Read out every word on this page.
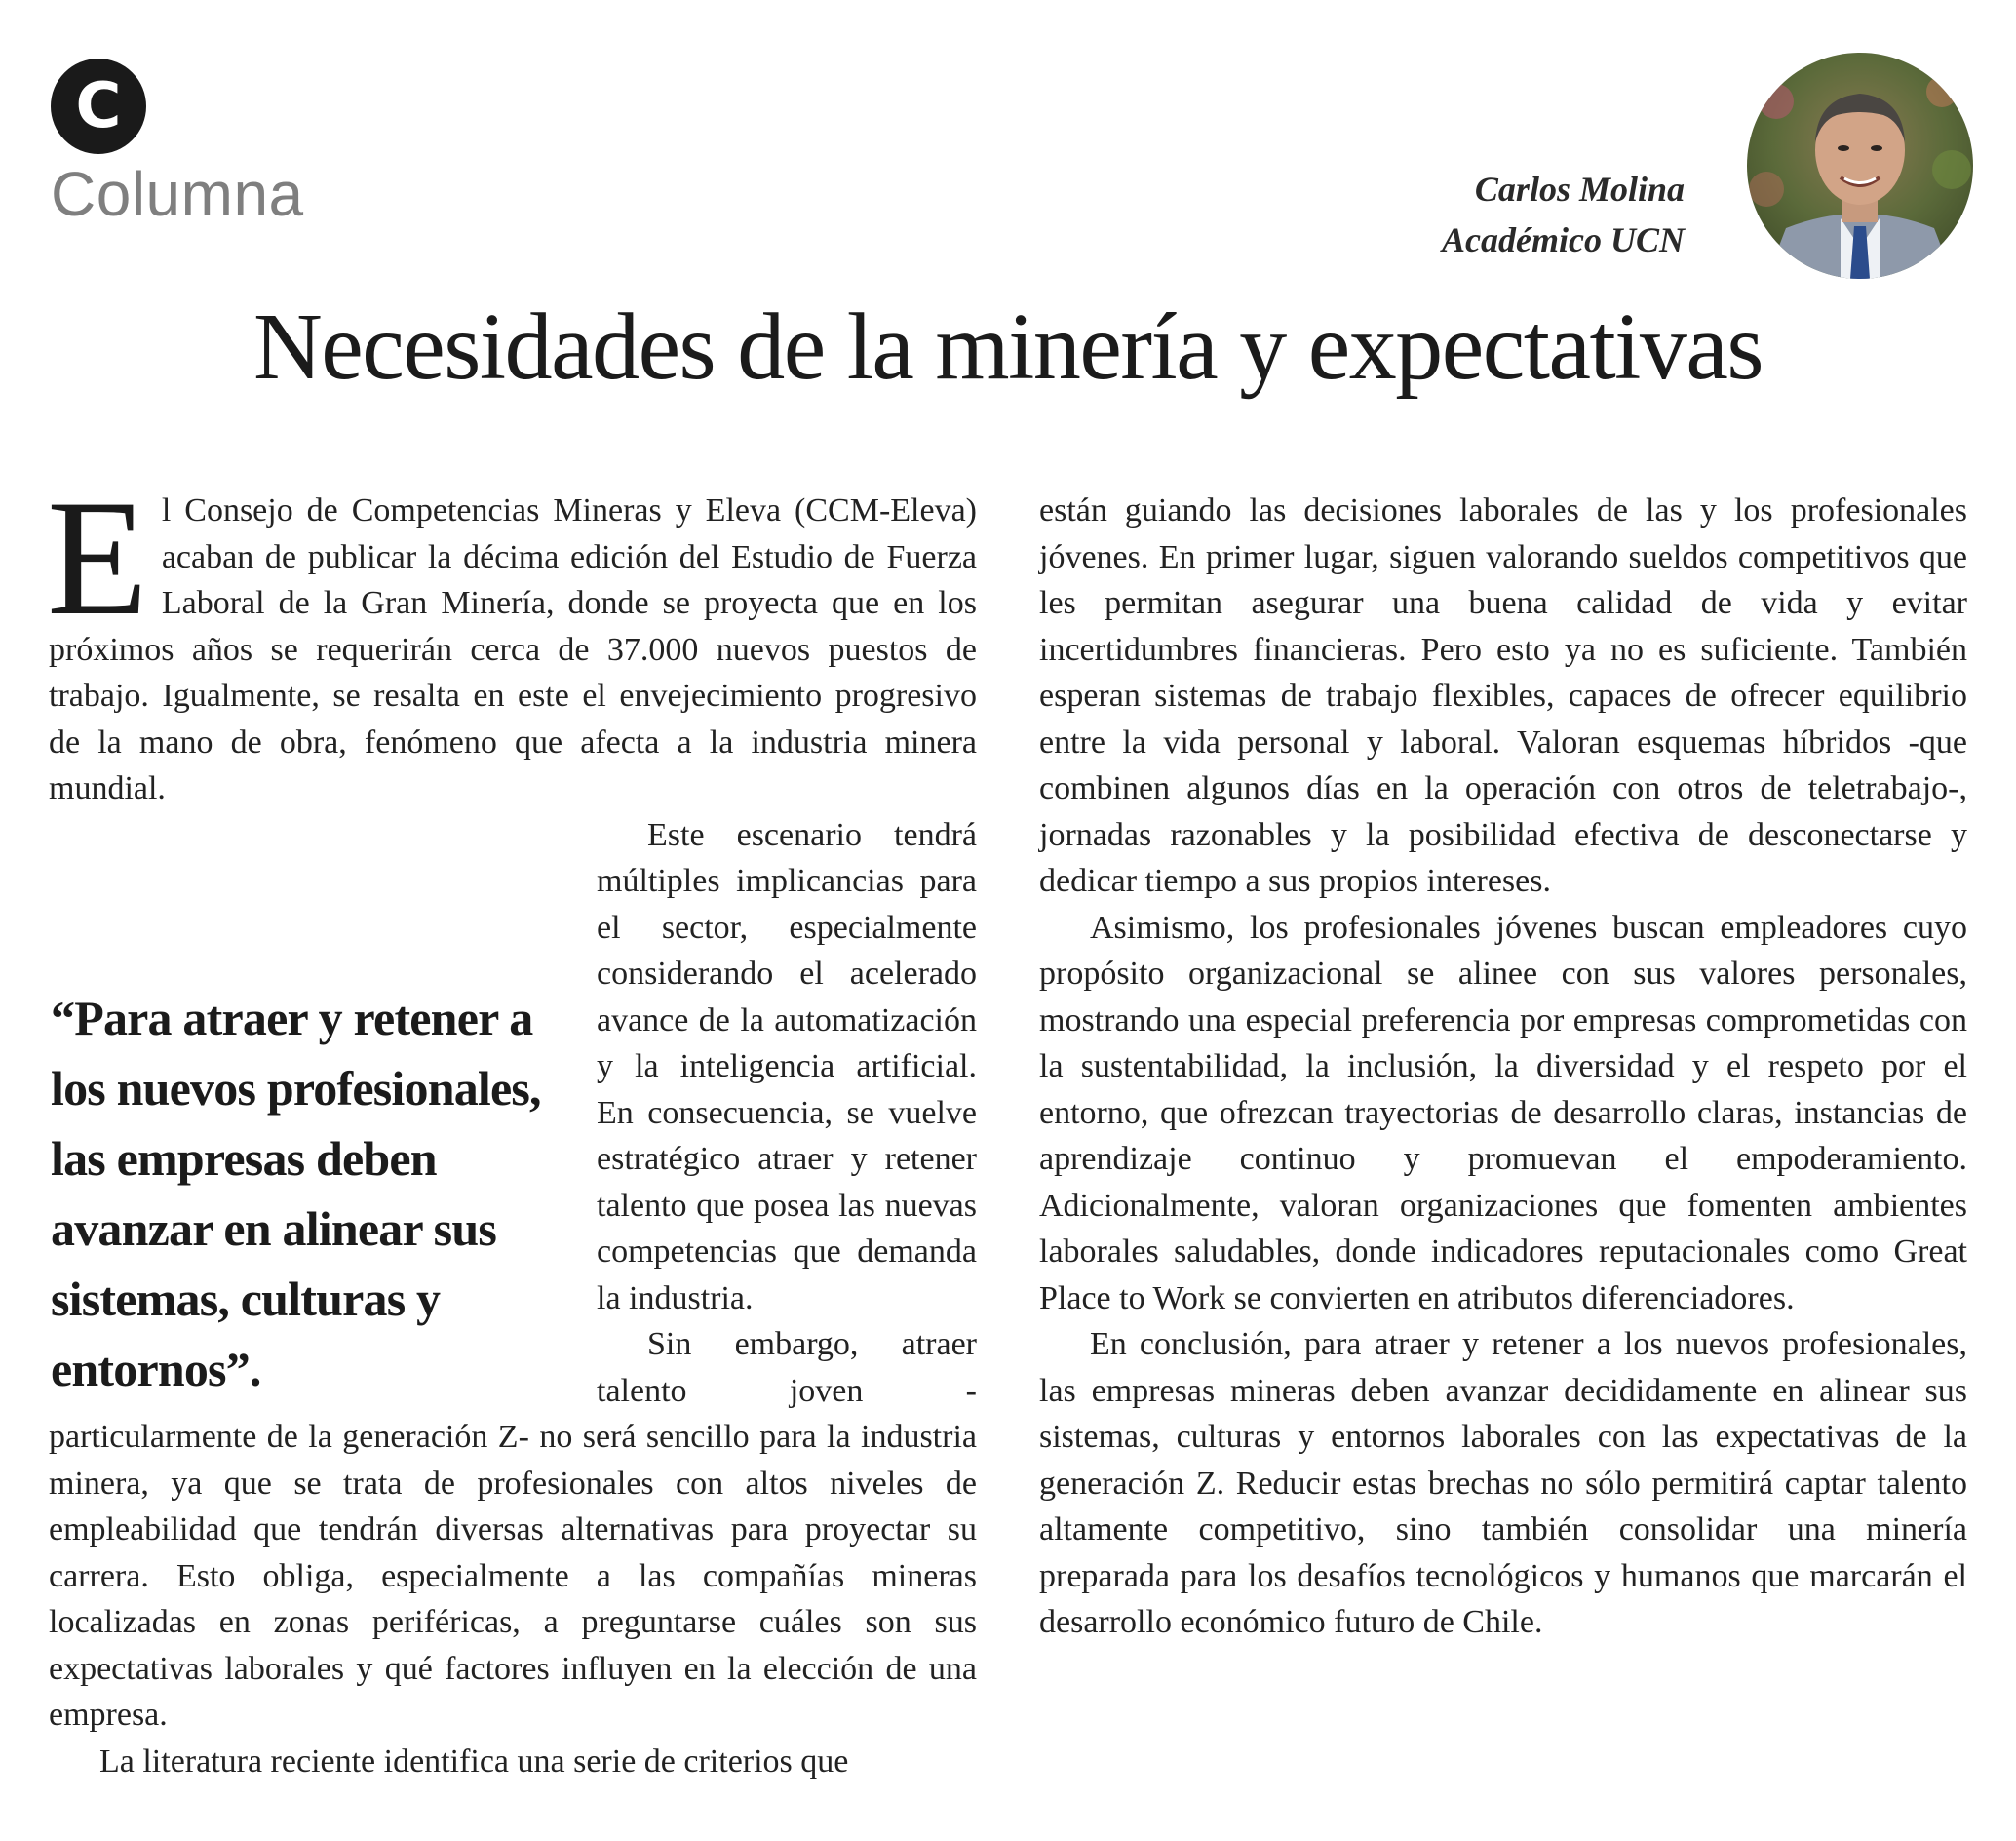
C
Columna	Carlos Molina
Académico UCN
Necesidades de la minería y expectativas

El Consejo de Competencias Mineras y Eleva (CCM-Eleva) acaban de publicar la décima edición del Estudio de Fuerza Laboral de la Gran Minería, donde se proyecta que en los próximos años se requerirán cerca de 37.000 nuevos puestos de trabajo. Igualmente, se resalta en este el envejecimiento progresivo de la mano de obra, fenómeno que afecta a la industria minera mundial.

Este escenario tendrá múltiples implicancias para el sector, especialmente considerando el acelerado avance de la automatización y la inteligencia artificial. En consecuencia, se vuelve estratégico atraer y retener talento que posea las nuevas competencias que demanda la industria.

Sin embargo, atraer talento joven -particularmente de la generación Z- no será sencillo para la industria minera, ya que se trata de profesionales con altos niveles de empleabilidad que tendrán diversas alternativas para proyectar su carrera. Esto obliga, especialmente a las compañías mineras localizadas en zonas periféricas, a preguntarse cuáles son sus expectativas laborales y qué factores influyen en la elección de una empresa.

La literatura reciente identifica una serie de criterios que

“Para atraer y retener a los nuevos profesionales, las empresas deben avanzar en alinear sus sistemas, culturas y entornos”.

están guiando las decisiones laborales de las y los profesionales jóvenes. En primer lugar, siguen valorando sueldos competitivos que les permitan asegurar una buena calidad de vida y evitar incertidumbres financieras. Pero esto ya no es suficiente. También esperan sistemas de trabajo flexibles, capaces de ofrecer equilibrio entre la vida personal y laboral. Valoran esquemas híbridos -que combinen algunos días en la operación con otros de teletrabajo-, jornadas razonables y la posibilidad efectiva de desconectarse y dedicar tiempo a sus propios intereses.

Asimismo, los profesionales jóvenes buscan empleadores cuyo propósito organizacional se alinee con sus valores personales, mostrando una especial preferencia por empresas comprometidas con la sustentabilidad, la inclusión, la diversidad y el respeto por el entorno, que ofrezcan trayectorias de desarrollo claras, instancias de aprendizaje continuo y promuevan el empoderamiento. Adicionalmente, valoran organizaciones que fomenten ambientes laborales saludables, donde indicadores reputacionales como Great Place to Work se convierten en atributos diferenciadores.

En conclusión, para atraer y retener a los nuevos profesionales, las empresas mineras deben avanzar decididamente en alinear sus sistemas, culturas y entornos laborales con las expectativas de la generación Z. Reducir estas brechas no sólo permitirá captar talento altamente competitivo, sino también consolidar una minería preparada para los desafíos tecnológicos y humanos que marcarán el desarrollo económico futuro de Chile.
